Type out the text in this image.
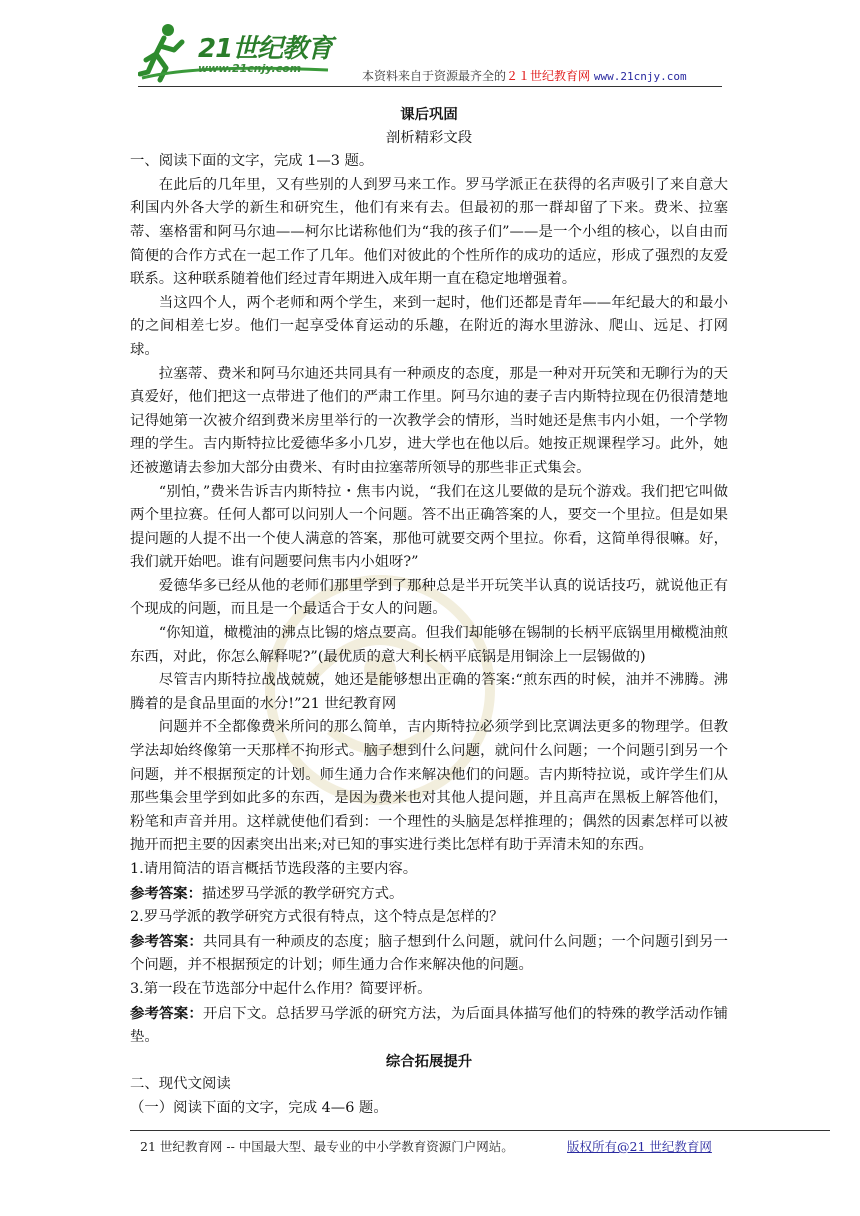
21世纪教育
www.21cnjy.com
本资料来自于资源最齐全的２１世纪教育网 www.21cnjy.com
课后巩固
剖析精彩文段

一、阅读下面的文字，完成 1—3 题。

在此后的几年里，又有些别的人到罗马来工作。罗马学派正在获得的名声吸引了来自意大利国内外各大学的新生和研究生，他们有来有去。但最初的那一群却留了下来。费米、拉塞蒂、塞格雷和阿马尔迪——柯尔比诺称他们为“我的孩子们”——是一个小组的核心，以自由而简便的合作方式在一起工作了几年。他们对彼此的个性所作的成功的适应，形成了强烈的友爱联系。这种联系随着他们经过青年期进入成年期一直在稳定地增强着。

当这四个人，两个老师和两个学生，来到一起时，他们还都是青年——年纪最大的和最小的之间相差七岁。他们一起享受体育运动的乐趣，在附近的海水里游泳、爬山、远足、打网球。

拉塞蒂、费米和阿马尔迪还共同具有一种顽皮的态度，那是一种对开玩笑和无聊行为的天真爱好，他们把这一点带进了他们的严肃工作里。阿马尔迪的妻子吉内斯特拉现在仍很清楚地记得她第一次被介绍到费米房里举行的一次教学会的情形，当时她还是焦韦内小姐，一个学物理的学生。吉内斯特拉比爱德华多小几岁，进大学也在他以后。她按正规课程学习。此外，她还被邀请去参加大部分由费米、有时由拉塞蒂所领导的那些非正式集会。

“别怕，”费米告诉吉内斯特拉・焦韦内说，“我们在这儿要做的是玩个游戏。我们把它叫做两个里拉赛。任何人都可以问别人一个问题。答不出正确答案的人，要交一个里拉。但是如果提问题的人提不出一个使人满意的答案，那他可就要交两个里拉。你看，这简单得很嘛。好，我们就开始吧。谁有问题要问焦韦内小姐呀?”

爱德华多已经从他的老师们那里学到了那种总是半开玩笑半认真的说话技巧，就说他正有个现成的问题，而且是一个最适合于女人的问题。

“你知道，橄榄油的沸点比锡的熔点要高。但我们却能够在锡制的长柄平底锅里用橄榄油煎东西，对此，你怎么解释呢?”(最优质的意大利长柄平底锅是用铜涂上一层锡做的)

尽管吉内斯特拉战战兢兢，她还是能够想出正确的答案:“煎东西的时候，油并不沸腾。沸腾着的是食品里面的水分!”21 世纪教育网

问题并不全都像费米所问的那么简单，吉内斯特拉必须学到比烹调法更多的物理学。但教学法却始终像第一天那样不拘形式。脑子想到什么问题，就问什么问题；一个问题引到另一个问题，并不根据预定的计划。师生通力合作来解决他们的问题。吉内斯特拉说，或许学生们从那些集会里学到如此多的东西，是因为费米也对其他人提问题，并且高声在黑板上解答他们，粉笔和声音并用。这样就使他们看到：一个理性的头脑是怎样推理的；偶然的因素怎样可以被抛开而把主要的因素突出出来;对已知的事实进行类比怎样有助于弄清未知的东西。

1.请用简洁的语言概括节选段落的主要内容。

参考答案：描述罗马学派的教学研究方式。

2.罗马学派的教学研究方式很有特点，这个特点是怎样的？

参考答案：共同具有一种顽皮的态度；脑子想到什么问题，就问什么问题；一个问题引到另一个问题，并不根据预定的计划；师生通力合作来解决他的问题。

3.第一段在节选部分中起什么作用？简要评析。

参考答案：开启下文。总括罗马学派的研究方法，为后面具体描写他们的特殊的教学活动作铺垫。

综合拓展提升

二、现代文阅读

（一）阅读下面的文字，完成 4—6 题。

21 世纪教育网 -- 中国最大型、最专业的中小学教育资源门户网站。	版权所有@21 世纪教育网
